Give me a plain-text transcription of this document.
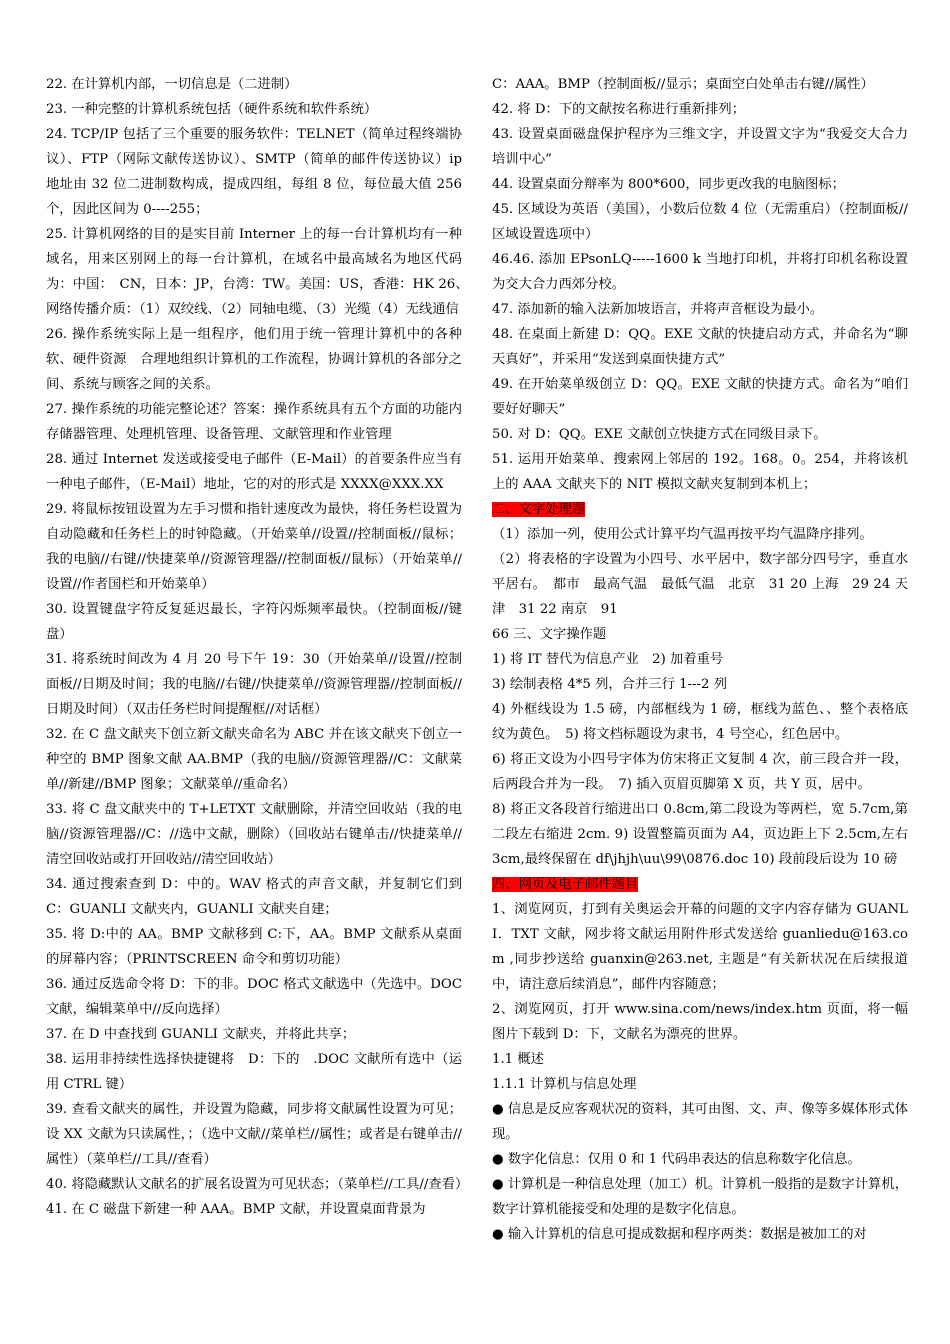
22. 在计算机内部，一切信息是（二进制）

23. 一种完整的计算机系统包括（硬件系统和软件系统）

24. TCP/IP 包括了三个重要的服务软件：TELNET（简单过程终端协议）、FTP（网际文献传送协议）、SMTP（简单的邮件传送协议）ip 地址由 32 位二进制数构成，提成四组，每组 8 位，每位最大值 256 个，因此区间为 0----255；

25. 计算机网络的目的是实目前 Interner 上的每一台计算机均有一种域名，用来区别网上的每一台计算机，在域名中最高域名为地区代码为：中国：　CN，日本：JP，台湾：TW。美国：US，香港：HK 26、　网络传播介质：（1）双绞线、（2）同轴电缆、（3）光缆（4）无线通信

26. 操作系统实际上是一组程序，他们用于统一管理计算机中的各种软、硬件资源　合理地组织计算机的工作流程，协调计算机的各部分之间、系统与顾客之间的关系。

27. 操作系统的功能完整论述？答案：操作系统具有五个方面的功能内存储器管理、处理机管理、设备管理、文献管理和作业管理

28. 通过 Internet 发送或接受电子邮件（E-Mail）的首要条件应当有一种电子邮件，（E-Mail）地址，它的对的形式是 XXXX@XXX.XX

29. 将鼠标按钮设置为左手习惯和指针速度改为最快，将任务栏设置为自动隐藏和任务栏上的时钟隐藏。（开始菜单//设置//控制面板//鼠标；我的电脑//右键//快捷菜单//资源管理器//控制面板//鼠标）（开始菜单//设置//作者国栏和开始菜单）

30. 设置键盘字符反复延迟最长，字符闪烁频率最快。（控制面板//键盘）

31. 将系统时间改为 4 月 20 号下午 19：30（开始菜单//设置//控制面板//日期及时间；我的电脑//右键//快捷菜单//资源管理器//控制面板//日期及时间）（双击任务栏时间提醒框//对话框）

32. 在 C 盘文献夹下创立新文献夹命名为 ABC 并在该文献夹下创立一种空的 BMP 图象文献 AA.BMP（我的电脑//资源管理器//C：文献菜单//新建//BMP 图象；文献菜单//重命名）

33. 将 C 盘文献夹中的 T+LETXT 文献删除，并清空回收站（我的电脑//资源管理器//C：//选中文献，删除）（回收站右键单击//快捷菜单//清空回收站或打开回收站//清空回收站）

34. 通过搜索查到 D：中的。WAV 格式的声音文献，并复制它们到 C：GUANLI 文献夹内，GUANLI 文献夹自建；

35. 将 D:中的 AA。BMP 文献移到 C:下，AA。BMP 文献系从桌面的屏幕内容；（PRINTSCREEN 命令和剪切功能）

36. 通过反选命令将 D：下的非。DOC 格式文献选中（先选中。DOC 文献，编辑菜单中//反向选择）

37. 在 D 中查找到 GUANLI 文献夹，并将此共享；

38. 运用非持续性选择快捷键将　D：下的　.DOC 文献所有选中（运用 CTRL 键）

39. 查看文献夹的属性，并设置为隐藏，同步将文献属性设置为可见；设 XX 文献为只读属性，；（选中文献//菜单栏//属性；或者是右键单击//属性）（菜单栏//工具//查看）

40. 将隐藏默认文献名的扩展名设置为可见状态；（菜单栏//工具//查看）

41. 在 C 磁盘下新建一种 AAA。BMP 文献，并设置桌面背景为

C：AAA。BMP（控制面板//显示；桌面空白处单击右键//属性）

42. 将 D：下的文献按名称进行重新排列；

43. 设置桌面磁盘保护程序为三维文字，并设置文字为“我爱交大合力培训中心”

44. 设置桌面分辩率为 800*600，同步更改我的电脑图标；

45. 区域设为英语（美国），小数后位数 4 位（无需重启）（控制面板//区域设置选项中）

46.46. 添加 EPsonLQ-----1600 k 当地打印机，并将打印机名称设置为交大合力西郊分校。

47. 添加新的输入法新加坡语言，并将声音框设为最小。

48. 在桌面上新建 D：QQ。EXE 文献的快捷启动方式，并命名为“聊天真好”，并采用“发送到桌面快捷方式”

49. 在开始菜单级创立 D：QQ。EXE 文献的快捷方式。命名为“咱们要好好聊天”

50. 对 D：QQ。EXE 文献创立快捷方式在同级目录下。

51. 运用开始菜单、搜索网上邻居的 192。168。0。254，并将该机上的 AAA 文献夹下的 NIT 模拟文献夹复制到本机上；

二、文字处理题

（1）添加一列，使用公式计算平均气温再按平均气温降序排列。

（2）将表格的字设置为小四号、水平居中，数字部分四号字，垂直水平居右。　都市　最高气温　最低气温　北京　31 20 上海　29 24 天津　31 22 南京　91

66 三、文字操作题

1) 将 IT 替代为信息产业　2) 加着重号

3) 绘制表格 4*5 列，合并三行 1---2 列

4) 外框线设为 1.5 磅，内部框线为 1 磅，框线为蓝色、、整个表格底纹为黄色。　5) 将文档标题设为隶书，4 号空心，红色居中。

6) 将正文设为小四号字体为仿宋将正文复制 4 次，前三段合并一段，后两段合并为一段。　7) 插入页眉页脚第 X 页，共 Y 页，居中。

8) 将正文各段首行缩进出口 0.8cm,第二段设为等两栏，宽 5.7cm,第二段左右缩进 2cm. 9) 设置整篇页面为 A4，页边距上下 2.5cm,左右 3cm,最终保留在 df\jhjh\uu\99\0876.doc 10) 段前段后设为 10 磅

四、网页及电子邮件题目

1、浏览网页，打到有关奥运会开幕的问题的文字内容存储为 GUANLI．TXT 文献，网步将文献运用附件形式发送给 guanliedu@163.com ,同步抄送给 guanxin@263.net, 主题是“有关新状况在后续报道中，请注意后续消息”，邮件内容随意；

2、浏览网页，打开 www.sina.com/news/index.htm 页面，将一幅图片下载到 D：下，文献名为漂亮的世界。

1.1 概述

1.1.1 计算机与信息处理

● 信息是反应客观状况的资料，其可由图、文、声、像等多媒体形式体现。

● 数字化信息：仅用 0 和 1 代码串表达的信息称数字化信息。

● 计算机是一种信息处理（加工）机。计算机一般指的是数字计算机，数字计算机能接受和处理的是数字化信息。

● 输入计算机的信息可提成数据和程序两类：数据是被加工的对
